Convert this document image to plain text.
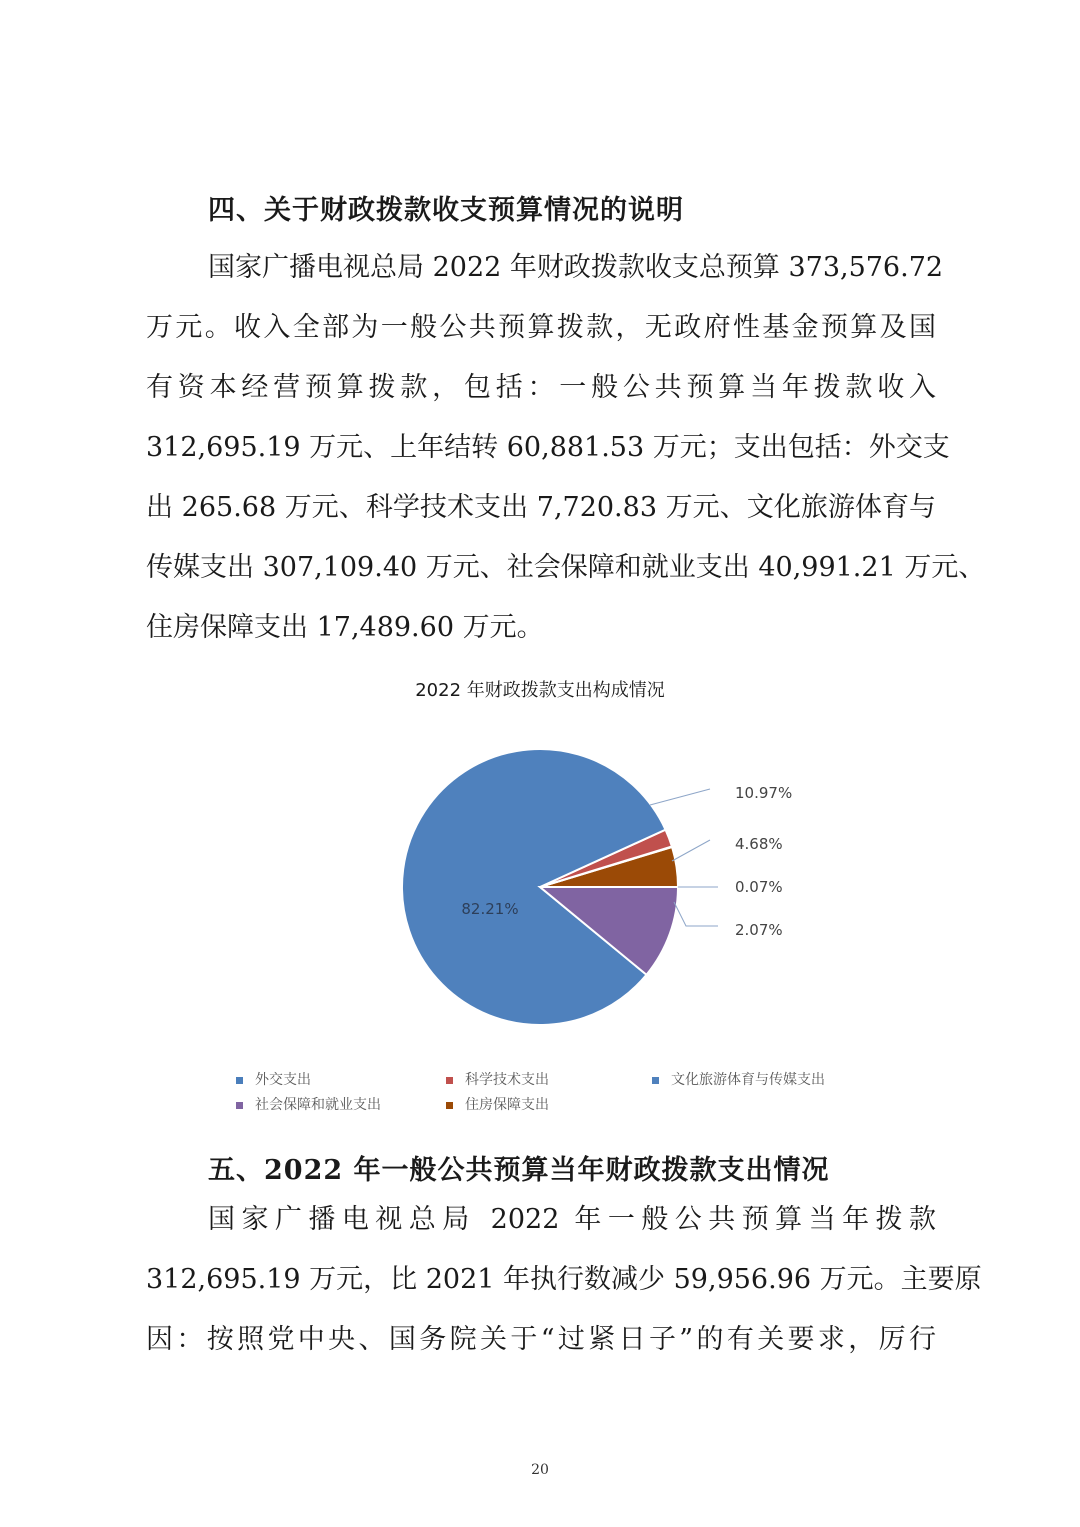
四、关于财政拨款收支预算情况的说明
国家广播电视总局 2022 年财政拨款收支总预算 373,576.72
万元。收入全部为一般公共预算拨款，无政府性基金预算及国
有资本经营预算拨款，包括：一般公共预算当年拨款收入
312,695.19 万元、上年结转 60,881.53 万元；支出包括：外交支
出 265.68 万元、科学技术支出 7,720.83 万元、文化旅游体育与
传媒支出 307,109.40 万元、社会保障和就业支出 40,991.21 万元、
住房保障支出 17,489.60 万元。
2022 年财政拨款支出构成情况
0.07%
2.07%
82.21%
10.97%
4.68%
外交支出	科学技术支出	文化旅游体育与传媒支出
社会保障和就业支出	住房保障支出
五、2022 年一般公共预算当年财政拨款支出情况
国家广播电视总局 2022 年一般公共预算当年拨款
312,695.19 万元，比 2021 年执行数减少 59,956.96 万元。主要原
因：按照党中央、国务院关于“过紧日子”的有关要求，厉行
20
